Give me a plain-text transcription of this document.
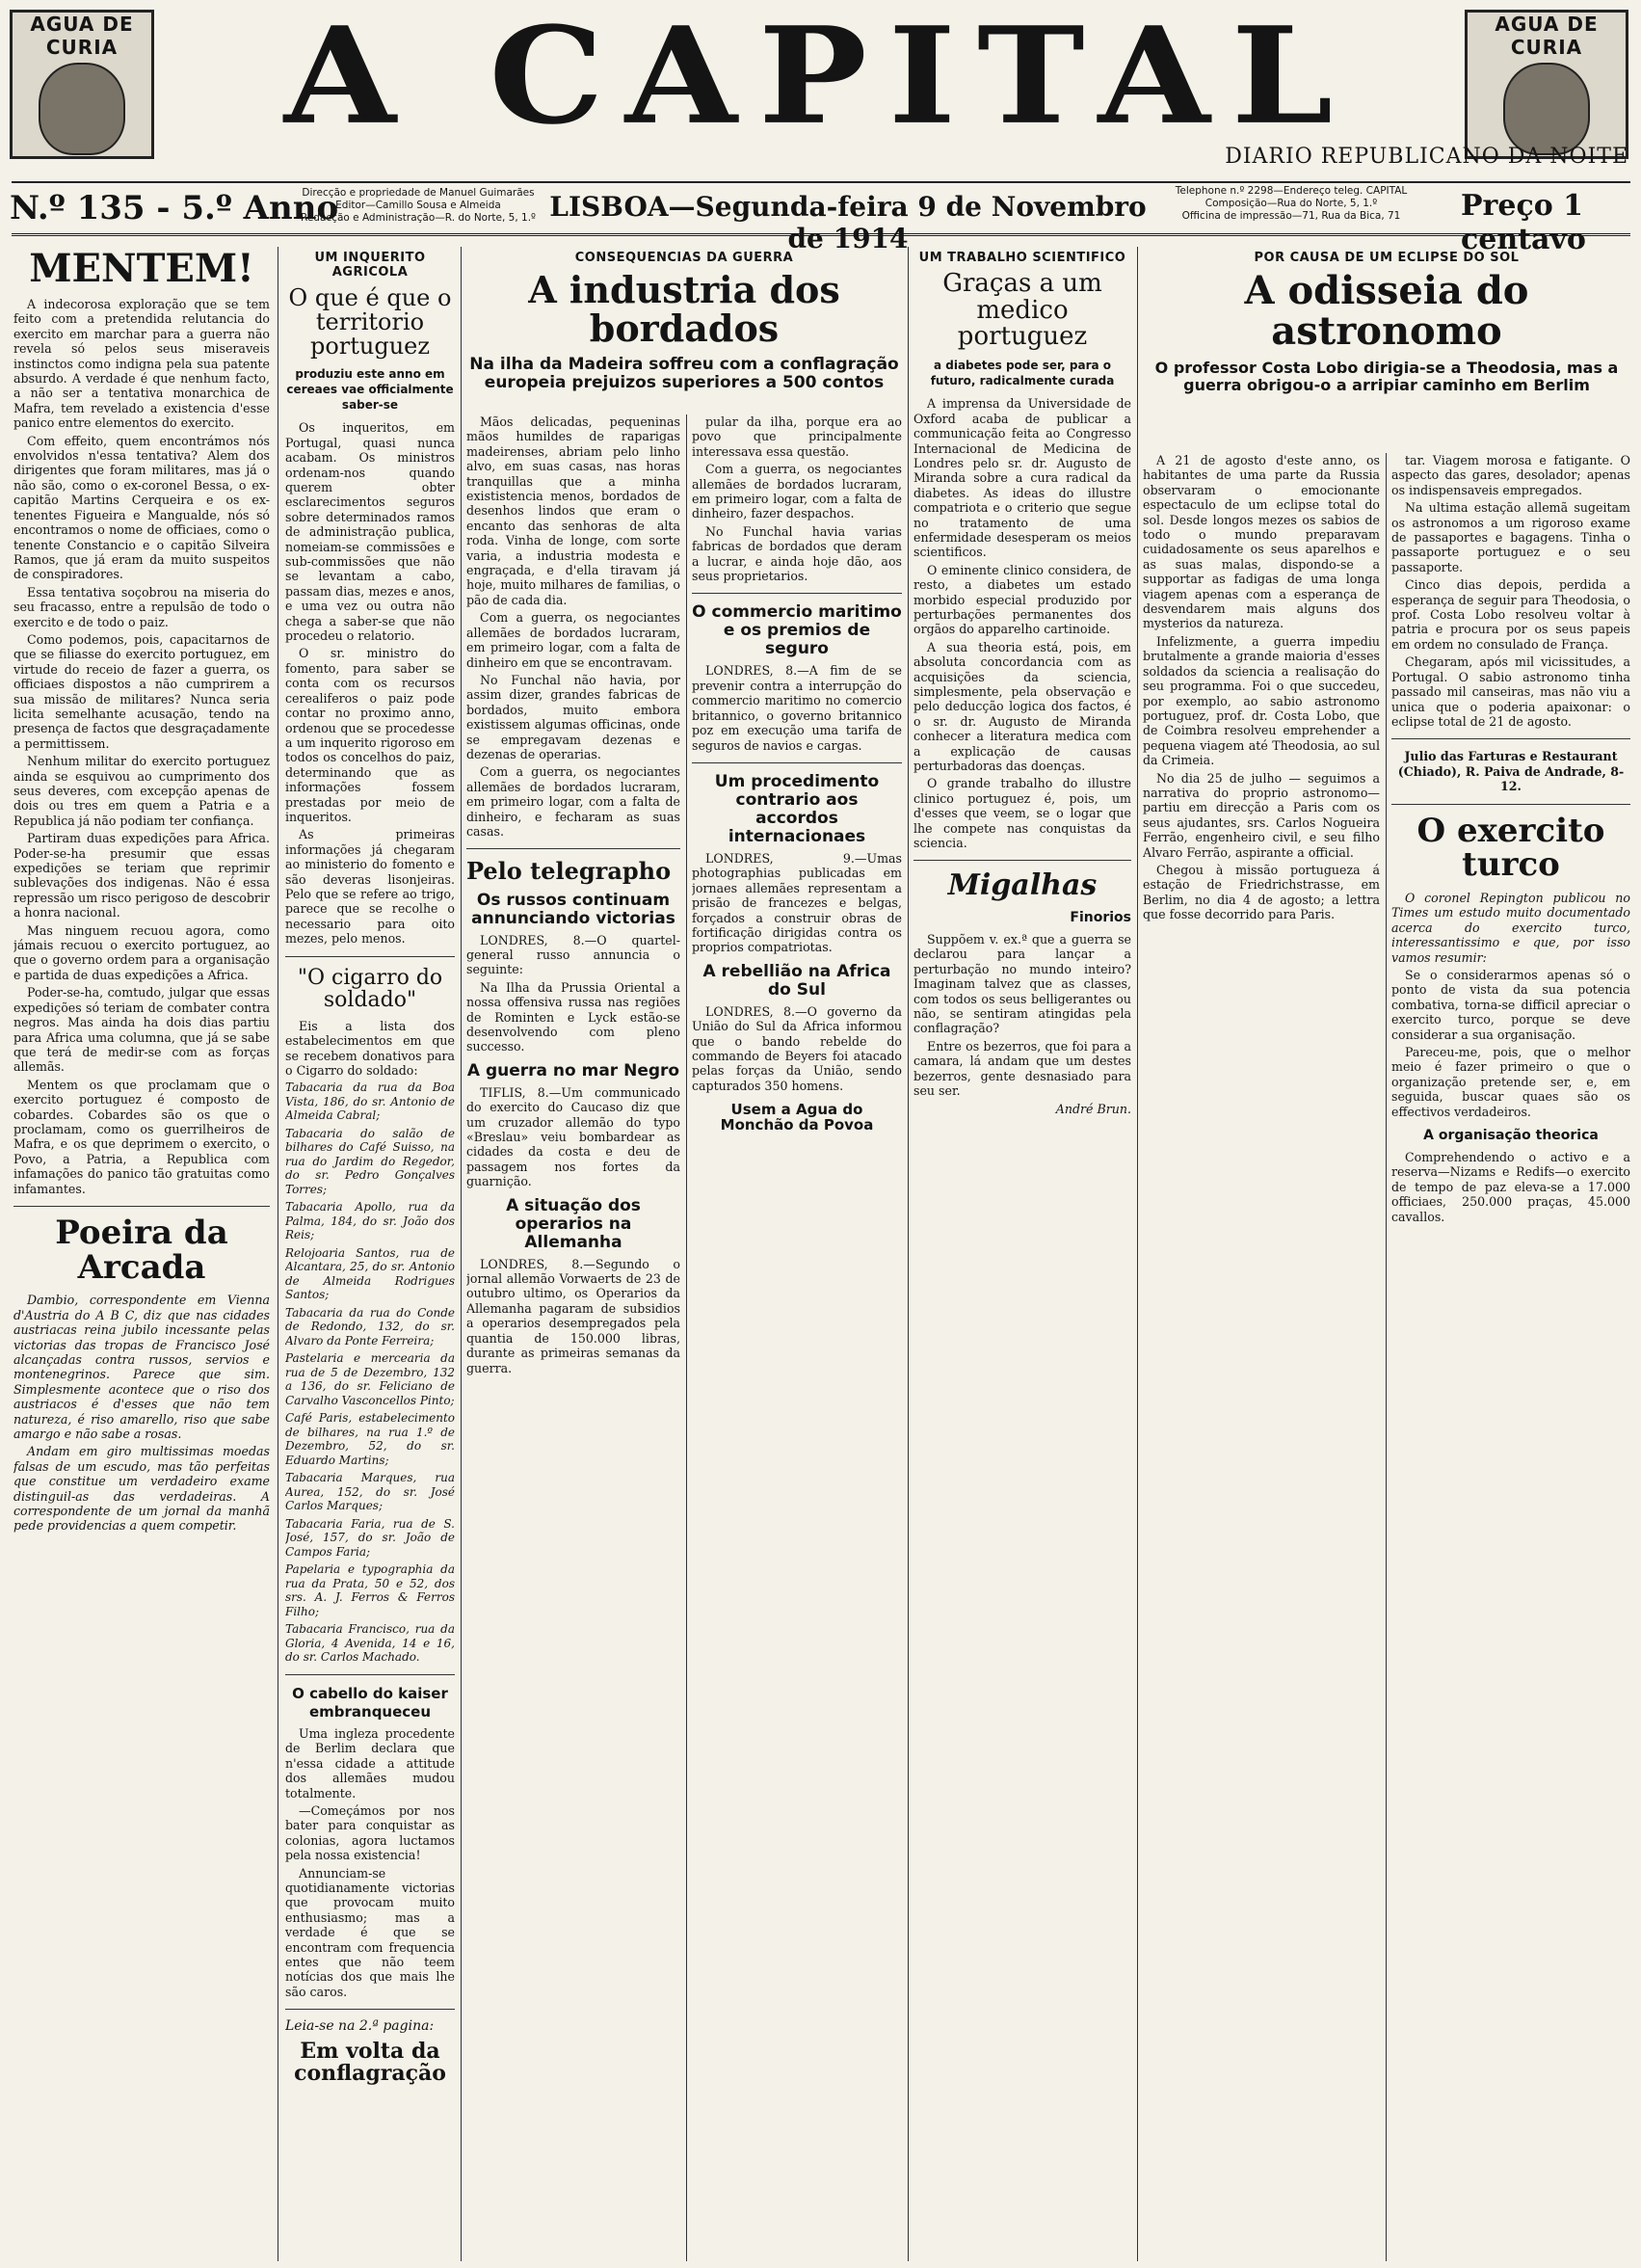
AGUA DE CURIA	A CAPITAL	AGUA DE CURIA
DIARIO REPUBLICANO DA NOITE
N.º 135 - 5.º Anno
Direcção e propriedade de Manuel Guimarães
Editor—Camillo Sousa e Almeida
Redacção e Administração—R. do Norte, 5, 1.º LISBOA—Segunda-feira 9 de Novembro de 1914
Telephone n.º 2298—Endereço teleg. CAPITAL
Composição—Rua do Norte, 5, 1.º
Officina de impressão—71, Rua da Bica, 71	Preço 1 centavo
MENTEM!

A indecorosa exploração que se tem feito com a pretendida relutancia do exercito em marchar para a guerra não revela só pelos seus miseraveis instinctos como indigna pela sua patente absurdo. A verdade é que nenhum facto, a não ser a tentativa monarchica de Mafra, tem revelado a existencia d'esse panico entre elementos do exercito.

Com effeito, quem encontrámos nós envolvidos n'essa tentativa? Alem dos dirigentes que foram militares, mas já o não são, como o ex-coronel Bessa, o ex-capitão Martins Cerqueira e os ex-tenentes Figueira e Mangualde, nós só encontramos o nome de officiaes, como o tenente Constancio e o capitão Silveira Ramos, que já eram da muito suspeitos de conspiradores.

Essa tentativa soçobrou na miseria do seu fracasso, entre a repulsão de todo o exercito e de todo o paiz.

Como podemos, pois, capacitarnos de que se filiasse do exercito portuguez, em virtude do receio de fazer a guerra, os officiaes dispostos a não cumprirem a sua missão de militares? Nunca seria licita semelhante acusação, tendo na presença de factos que desgraçadamente a permittissem.

Nenhum militar do exercito portuguez ainda se esquivou ao cumprimento dos seus deveres, com excepção apenas de dois ou tres em quem a Patria e a Republica já não podiam ter confiança.

Partiram duas expedições para Africa. Poder-se-ha presumir que essas expedições se teriam que reprimir sublevações dos indigenas. Não é essa repressão um risco perigoso de descobrir a honra nacional.

Mas ninguem recuou agora, como jámais recuou o exercito portuguez, ao que o governo ordem para a organisação e partida de duas expedições a Africa.

Poder-se-ha, comtudo, julgar que essas expedições só teriam de combater contra negros. Mas ainda ha dois dias partiu para Africa uma columna, que já se sabe que terá de medir-se com as forças allemãs.

Mentem os que proclamam que o exercito portuguez é composto de cobardes. Cobardes são os que o proclamam, como os guerrilheiros de Mafra, e os que deprimem o exercito, o Povo, a Patria, a Republica com infamações do panico tão gratuitas como infamantes.

Poeira da Arcada

Dambio, correspondente em Vienna d'Austria do A B C, diz que nas cidades austriacas reina jubilo incessante pelas victorias das tropas de Francisco José alcançadas contra russos, servios e montenegrinos. Parece que sim. Simplesmente acontece que o riso dos austriacos é d'esses que não tem natureza, é riso amarello, riso que sabe amargo e não sabe a rosas.

Andam em giro multissimas moedas falsas de um escudo, mas tão perfeitas que constitue um verdadeiro exame distinguil-as das verdadeiras. A correspondente de um jornal da manhã pede providencias a quem competir.

UM INQUERITO AGRICOLA
O que é que o territorio portuguez
produziu este anno em cereaes vae officialmente saber-se

Os inqueritos, em Portugal, quasi nunca acabam. Os ministros ordenam-nos quando querem obter esclarecimentos seguros sobre determinados ramos de administração publica, nomeiam-se commissões e sub-commissões que não se levantam a cabo, passam dias, mezes e anos, e uma vez ou outra não chega a saber-se que não procedeu o relatorio.

O sr. ministro do fomento, para saber se conta com os recursos cerealiferos o paiz pode contar no proximo anno, ordenou que se procedesse a um inquerito rigoroso em todos os concelhos do paiz, determinando que as informações fossem prestadas por meio de inqueritos.

As primeiras informações já chegaram ao ministerio do fomento e são deveras lisonjeiras. Pelo que se refere ao trigo, parece que se recolhe o necessario para oito mezes, pelo menos.

"O cigarro do soldado"

Eis a lista dos estabelecimentos em que se recebem donativos para o Cigarro do soldado:

Tabacaria da rua da Boa Vista, 186, do sr. Antonio de Almeida Cabral;

Tabacaria do salão de bilhares do Café Suisso, na rua do Jardim do Regedor, do sr. Pedro Gonçalves Torres;

Tabacaria Apollo, rua da Palma, 184, do sr. João dos Reis;

Relojoaria Santos, rua de Alcantara, 25, do sr. Antonio de Almeida Rodrigues Santos;

Tabacaria da rua do Conde de Redondo, 132, do sr. Alvaro da Ponte Ferreira;

Pastelaria e mercearia da rua de 5 de Dezembro, 132 a 136, do sr. Feliciano de Carvalho Vasconcellos Pinto;

Café Paris, estabelecimento de bilhares, na rua 1.º de Dezembro, 52, do sr. Eduardo Martins;

Tabacaria Marques, rua Aurea, 152, do sr. José Carlos Marques;

Tabacaria Faria, rua de S. José, 157, do sr. João de Campos Faria;

Papelaria e typographia da rua da Prata, 50 e 52, dos srs. A. J. Ferros & Ferros Filho;

Tabacaria Francisco, rua da Gloria, 4 Avenida, 14 e 16, do sr. Carlos Machado.

O cabello do kaiser embranqueceu

Uma ingleza procedente de Berlim declara que n'essa cidade a attitude dos allemães mudou totalmente.

—Começámos por nos bater para conquistar as colonias, agora luctamos pela nossa existencia!

Annunciam-se quotidianamente victorias que provocam muito enthusiasmo; mas a verdade é que se encontram com frequencia entes que não teem notícias dos que mais lhe são caros.

Leia-se na 2.ª pagina:

Em volta da conflagração
CONSEQUENCIAS DA GUERRA
A industria dos bordados
Na ilha da Madeira soffreu com a conflagração europeia prejuizos superiores a 500 contos

Mãos delicadas, pequeninas mãos humildes de raparigas madeirenses, abriam pelo linho alvo, em suas casas, nas horas tranquillas que a minha exististencia menos, bordados de desenhos lindos que eram o encanto das senhoras de alta roda. Vinha de longe, com sorte varia, a industria modesta e engraçada, e d'ella tiravam já hoje, muito milhares de familias, o pão de cada dia.

Com a guerra, os negociantes allemães de bordados lucraram, em primeiro logar, com a falta de dinheiro em que se encontravam.

No Funchal não havia, por assim dizer, grandes fabricas de bordados, muito embora existissem algumas officinas, onde se empregavam dezenas e dezenas de operarias.

Com a guerra, os negociantes allemães de bordados lucraram, em primeiro logar, com a falta de dinheiro, e fecharam as suas casas.

Pelo telegrapho
Os russos continuam annunciando victorias

LONDRES, 8.—O quartel-general russo annuncia o seguinte:

Na Ilha da Prussia Oriental a nossa offensiva russa nas regiões de Rominten e Lyck estão-se desenvolvendo com pleno successo.

A guerra no mar Negro

TIFLIS, 8.—Um communicado do exercito do Caucaso diz que um cruzador allemão do typo «Breslau» veiu bombardear as cidades da costa e deu de passagem nos fortes da guarnição.

A situação dos operarios na Allemanha

LONDRES, 8.—Segundo o jornal allemão Vorwaerts de 23 de outubro ultimo, os Operarios da Allemanha pagaram de subsidios a operarios desempregados pela quantia de 150.000 libras, durante as primeiras semanas da guerra.

pular da ilha, porque era ao povo que principalmente interessava essa questão.

Com a guerra, os negociantes allemães de bordados lucraram, em primeiro logar, com a falta de dinheiro, fazer despachos.

No Funchal havia varias fabricas de bordados que deram a lucrar, e ainda hoje dão, aos seus proprietarios.

O commercio maritimo e os premios de seguro

LONDRES, 8.—A fim de se prevenir contra a interrupção do commercio maritimo no comercio britannico, o governo britannico poz em execução uma tarifa de seguros de navios e cargas.

Um procedimento contrario aos accordos internacionaes

LONDRES, 9.—Umas photographias publicadas em jornaes allemães representam a prisão de francezes e belgas, forçados a construir obras de fortificação dirigidas contra os proprios compatriotas.

A rebellião na Africa do Sul

LONDRES, 8.—O governo da União do Sul da Africa informou que o bando rebelde do commando de Beyers foi atacado pelas forças da União, sendo capturados 350 homens.

Usem a Agua do Monchão da Povoa
UM TRABALHO SCIENTIFICO
Graças a um medico portuguez
a diabetes pode ser, para o futuro, radicalmente curada

A imprensa da Universidade de Oxford acaba de publicar a communicação feita ao Congresso Internacional de Medicina de Londres pelo sr. dr. Augusto de Miranda sobre a cura radical da diabetes. As ideas do illustre compatriota e o criterio que segue no tratamento de uma enfermidade desesperam os meios scientificos.

O eminente clinico considera, de resto, a diabetes um estado morbido especial produzido por perturbações permanentes dos orgãos do apparelho cartinoide.

A sua theoria está, pois, em absoluta concordancia com as acquisições da sciencia, simplesmente, pela observação e pelo deducção logica dos factos, é o sr. dr. Augusto de Miranda conhecer a literatura medica com a explicação de causas perturbadoras das doenças.

O grande trabalho do illustre clinico portuguez é, pois, um d'esses que veem, se o logar que lhe compete nas conquistas da sciencia.

Migalhas
Finorios

Suppõem v. ex.ª que a guerra se declarou para lançar a perturbação no mundo inteiro? Imaginam talvez que as classes, com todos os seus belligerantes ou não, se sentiram atingidas pela conflagração?

Entre os bezerros, que foi para a camara, lá andam que um destes bezerros, gente desnasiado para seu ser.

André Brun.
POR CAUSA DE UM ECLIPSE DO SOL
A odisseia do astronomo
O professor Costa Lobo dirigia-se a Theodosia, mas a guerra obrigou-o a arripiar caminho em Berlim

A 21 de agosto d'este anno, os habitantes de uma parte da Russia observaram o emocionante espectaculo de um eclipse total do sol. Desde longos mezes os sabios de todo o mundo preparavam cuidadosamente os seus aparelhos e as suas malas, dispondo-se a supportar as fadigas de uma longa viagem apenas com a esperança de desvendarem mais alguns dos mysterios da natureza.

Infelizmente, a guerra impediu brutalmente a grande maioria d'esses soldados da sciencia a realisação do seu programma. Foi o que succedeu, por exemplo, ao sabio astronomo portuguez, prof. dr. Costa Lobo, que de Coimbra resolveu emprehender a pequena viagem até Theodosia, ao sul da Crimeia.

No dia 25 de julho — seguimos a narrativa do proprio astronomo—partiu em direcção a Paris com os seus ajudantes, srs. Carlos Nogueira Ferrão, engenheiro civil, e seu filho Alvaro Ferrão, aspirante a official.

Chegou à missão portugueza á estação de Friedrichstrasse, em Berlim, no dia 4 de agosto; a lettra que fosse decorrido para Paris.

tar. Viagem morosa e fatigante. O aspecto das gares, desolador; apenas os indispensaveis empregados.

Na ultima estação allemã sugeitam os astronomos a um rigoroso exame de passaportes e bagagens. Tinha o passaporte portuguez e o seu passaporte.

Cinco dias depois, perdida a esperança de seguir para Theodosia, o prof. Costa Lobo resolveu voltar à patria e procura por os seus papeis em ordem no consulado de França.

Chegaram, após mil vicissitudes, a Portugal. O sabio astronomo tinha passado mil canseiras, mas não viu a unica que o poderia apaixonar: o eclipse total de 21 de agosto.

Julio das Farturas e Restaurant (Chiado), R. Paiva de Andrade, 8-12.

O exercito turco

O coronel Repington publicou no Times um estudo muito documentado acerca do exercito turco, interessantissimo e que, por isso vamos resumir:

Se o considerarmos apenas só o ponto de vista da sua potencia combativa, torna-se difficil apreciar o exercito turco, porque se deve considerar a sua organisação.

Pareceu-me, pois, que o melhor meio é fazer primeiro o que o organização pretende ser, e, em seguida, buscar quaes são os effectivos verdadeiros.

A organisação theorica

Comprehendendo o activo e a reserva—Nizams e Redifs—o exercito de tempo de paz eleva-se a 17.000 officiaes, 250.000 praças, 45.000 cavallos.
